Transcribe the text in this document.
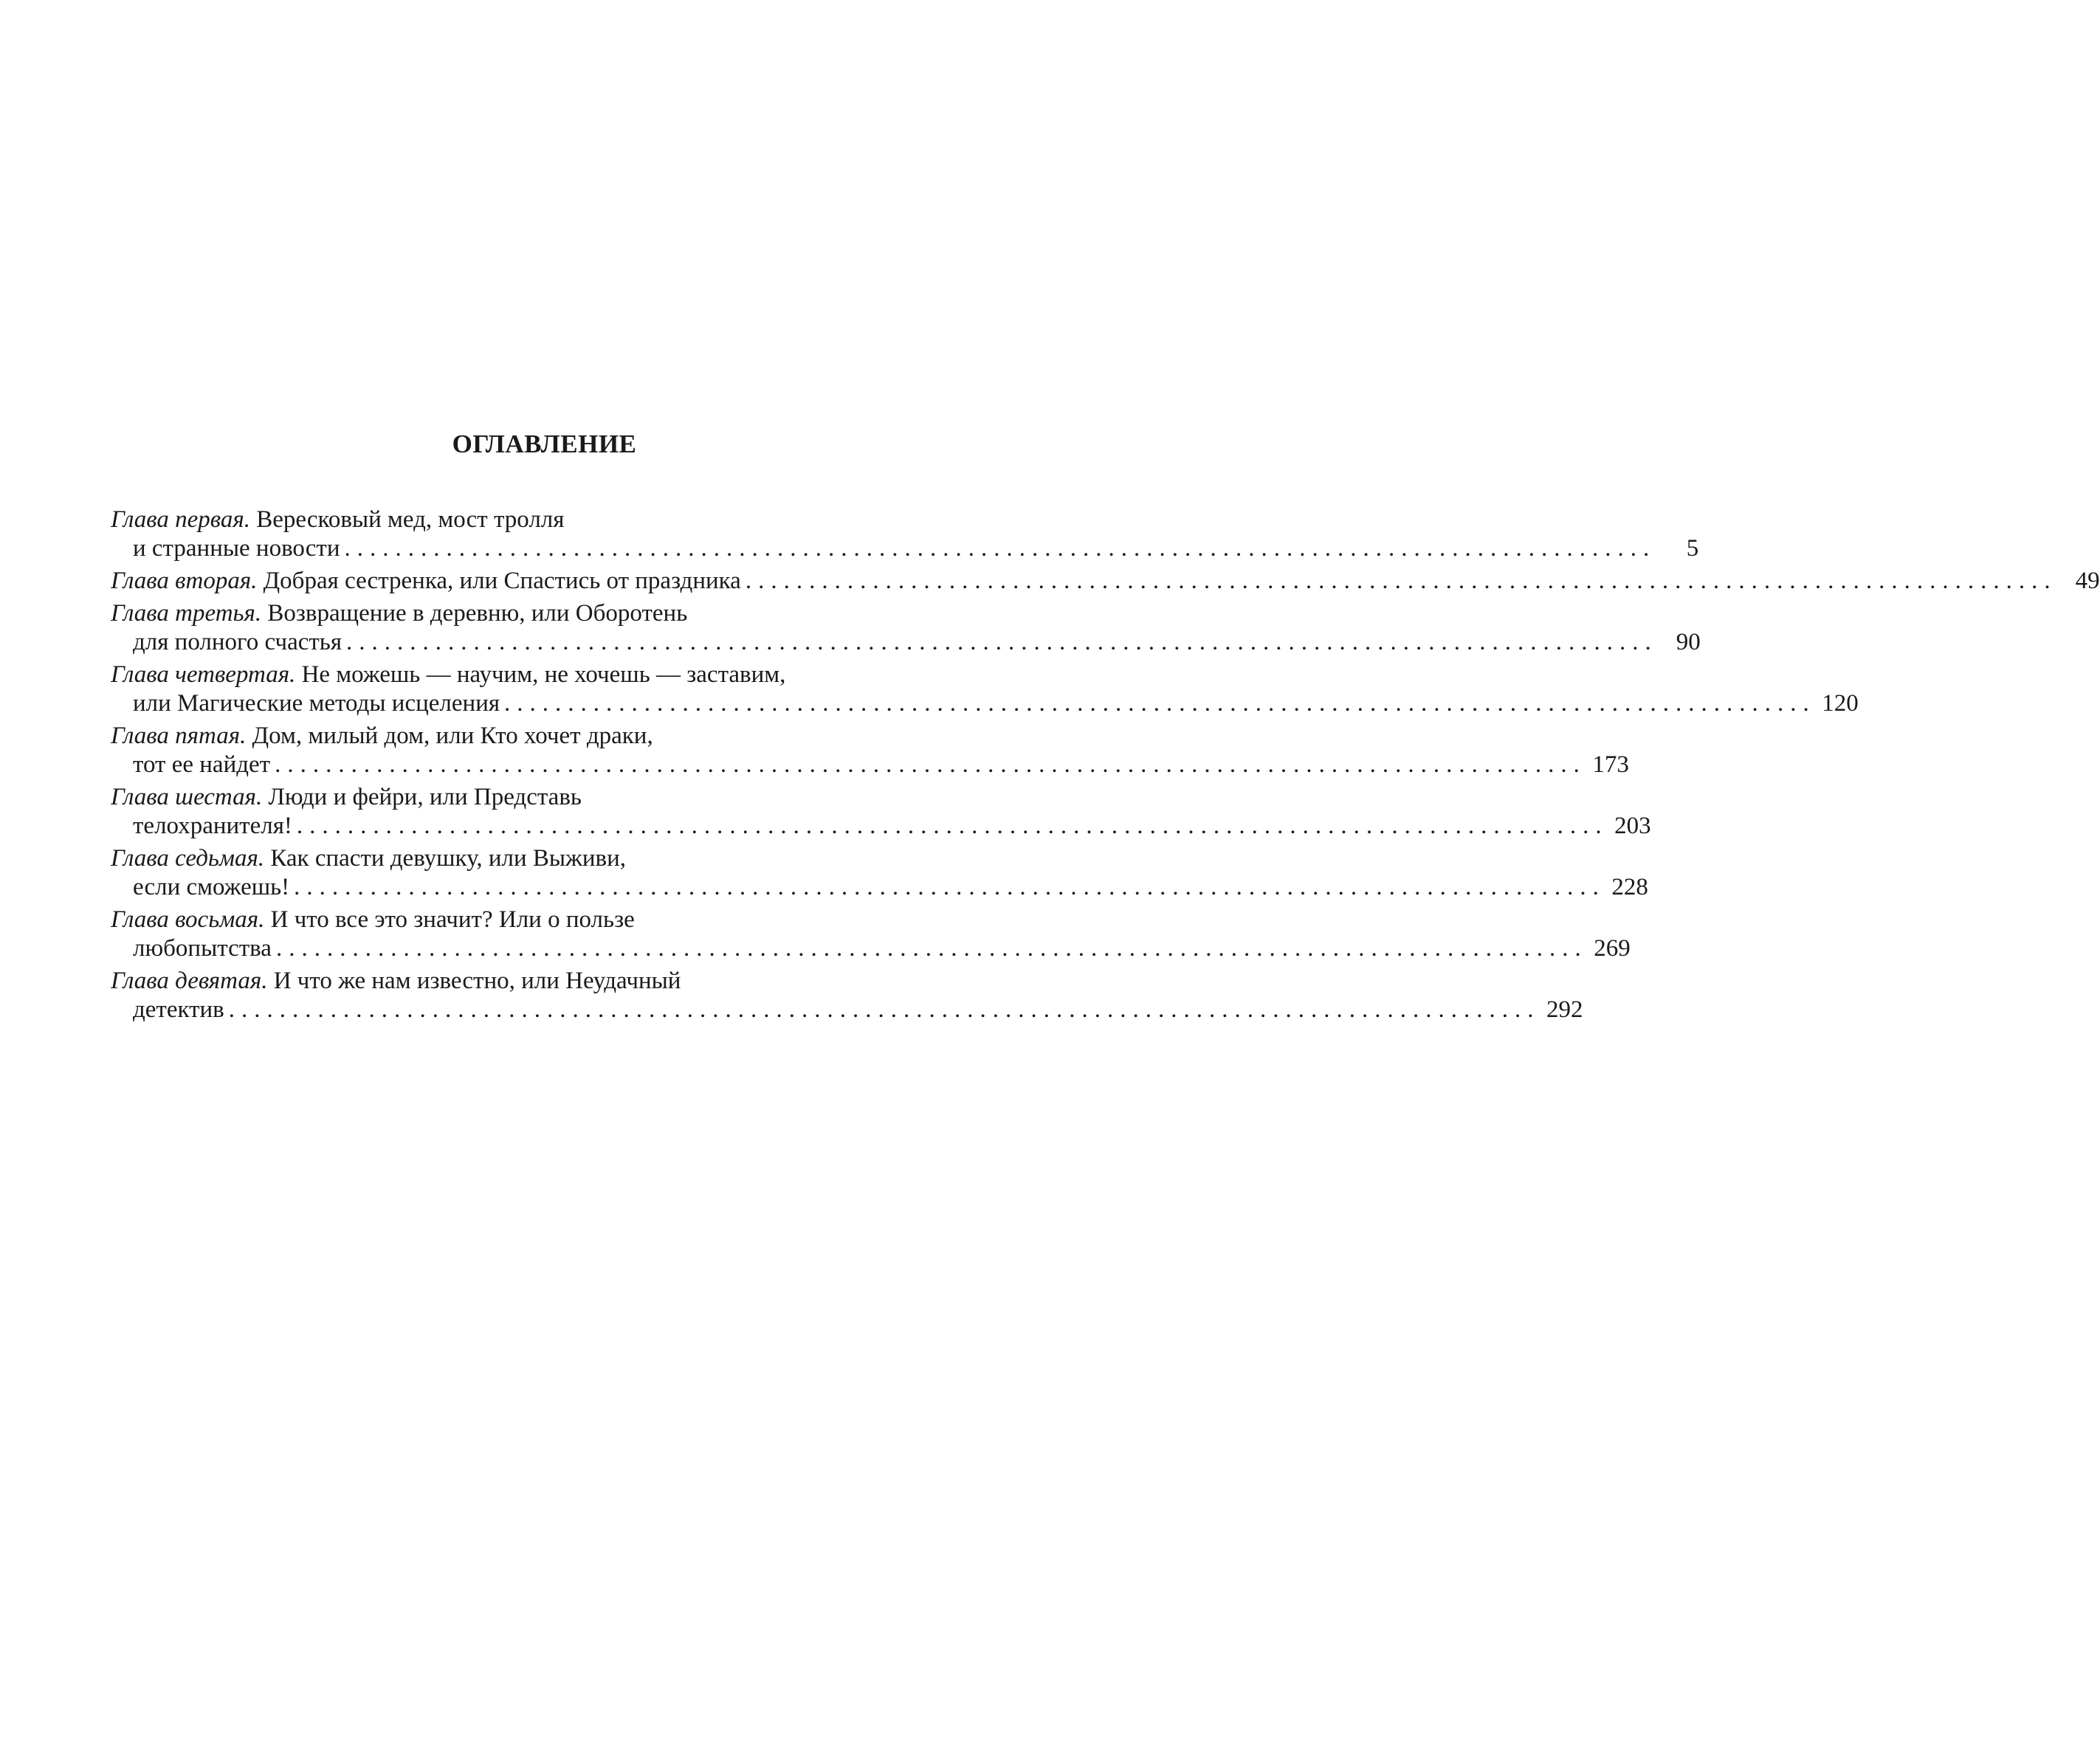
ОГЛАВЛЕНИЕ
Глава первая. Вересковый мед, мост тролля
и странные новости .......................................................................................................	5
Глава вторая. Добрая сестренка, или Спастись от праздника ....................................................................................................... 49
Глава третья. Возвращение в деревню, или Оборотень
для полного счастья ....................................................................................................... 90
Глава четвертая. Не можешь — научим, не хочешь — заставим,
или Магические методы исцеления ....................................................................................................... 120
Глава пятая. Дом, милый дом, или Кто хочет драки,
тот ее найдет ....................................................................................................... 173
Глава шестая. Люди и фейри, или Представь
телохранителя! ....................................................................................................... 203
Глава седьмая. Как спасти девушку, или Выживи,
если сможешь! ....................................................................................................... 228
Глава восьмая. И что все это значит? Или о пользе
любопытства ....................................................................................................... 269
Глава девятая. И что же нам известно, или Неудачный
детектив ....................................................................................................... 292
